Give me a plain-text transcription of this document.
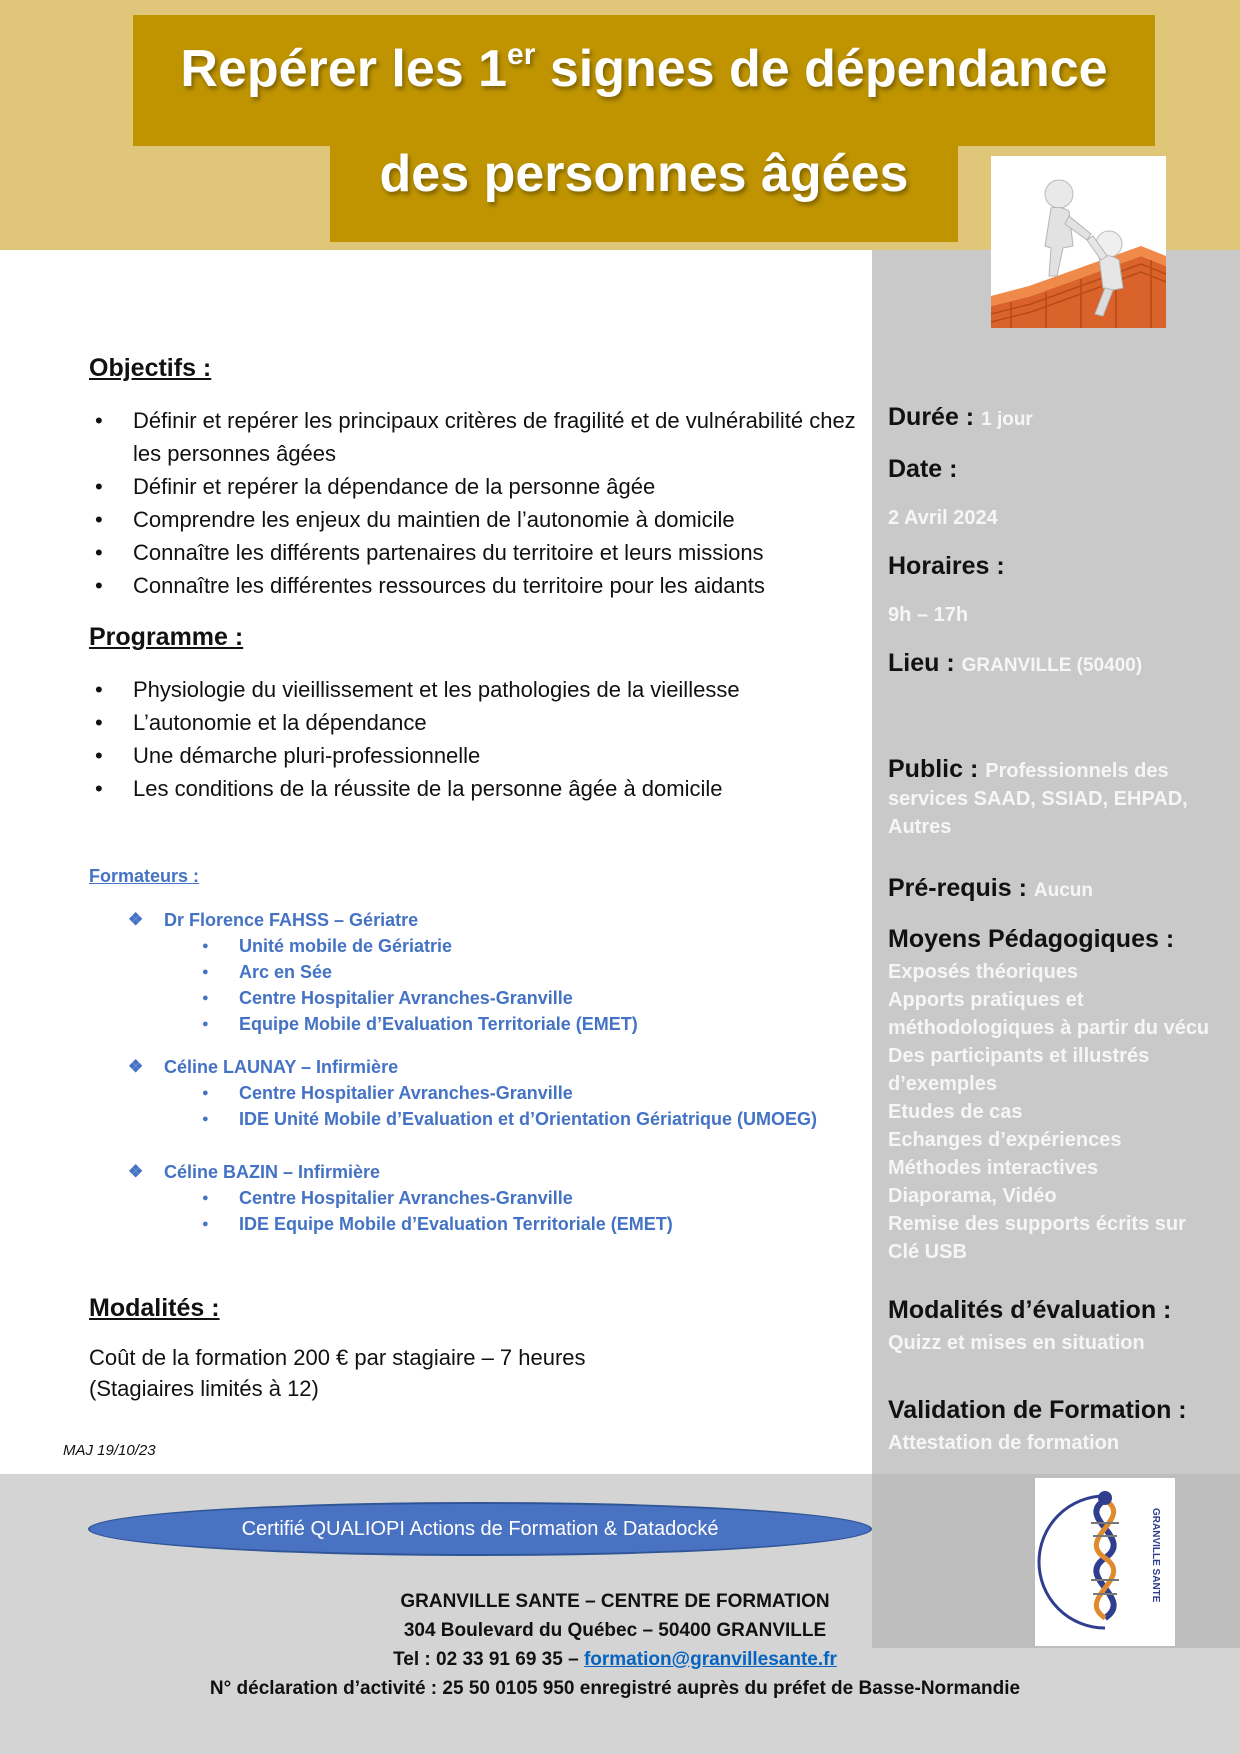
Repérer les 1er signes de dépendance
des personnes âgées
Durée : 1 jour
Date :
2 Avril 2024
Horaires :
9h – 17h
Lieu : GRANVILLE (50400)
Public : Professionnels des services SAAD, SSIAD, EHPAD, Autres
Pré-requis : Aucun
Moyens Pédagogiques :
Exposés théoriques
Apports pratiques et
méthodologiques à partir du vécu
Des participants et illustrés
d’exemples
Etudes de cas
Echanges d’expériences
Méthodes interactives
Diaporama, Vidéo
Remise des supports écrits sur
Clé USB
Modalités d’évaluation :
Quizz et mises en situation
Validation de Formation :
Attestation de formation
Objectifs :
• Définir et repérer les principaux critères de fragilité et de vulnérabilité chez les personnes âgées
• Définir et repérer la dépendance de la personne âgée
• Comprendre les enjeux du maintien de l’autonomie à domicile
• Connaître les différents partenaires du territoire et leurs missions
• Connaître les différentes ressources du territoire pour les aidants
Programme :
• Physiologie du vieillissement et les pathologies de la vieillesse
• L’autonomie et la dépendance
• Une démarche pluri-professionnelle
• Les conditions de la réussite de la personne âgée à domicile
Formateurs :
❖ Dr Florence FAHSS – Gériatre
● Unité mobile de Gériatrie
● Arc en Sée
● Centre Hospitalier Avranches-Granville
● Equipe Mobile d’Evaluation Territoriale (EMET)
❖ Céline LAUNAY – Infirmière
● Centre Hospitalier Avranches-Granville
● IDE Unité Mobile d’Evaluation et d’Orientation Gériatrique (UMOEG)
❖ Céline BAZIN – Infirmière
● Centre Hospitalier Avranches-Granville
● IDE Equipe Mobile d’Evaluation Territoriale (EMET)
Modalités :
Coût de la formation 200 € par stagiaire – 7 heures
(Stagiaires limités à 12)
MAJ 19/10/23
Certifié QUALIOPI Actions de Formation & Datadocké
GRANVILLE SANTE – CENTRE DE FORMATION
304 Boulevard du Québec – 50400 GRANVILLE
Tel : 02 33 91 69 35 – formation@granvillesante.fr
N° déclaration d’activité : 25 50 0105 950 enregistré auprès du préfet de Basse-Normandie
GRANVILLE SANTE
